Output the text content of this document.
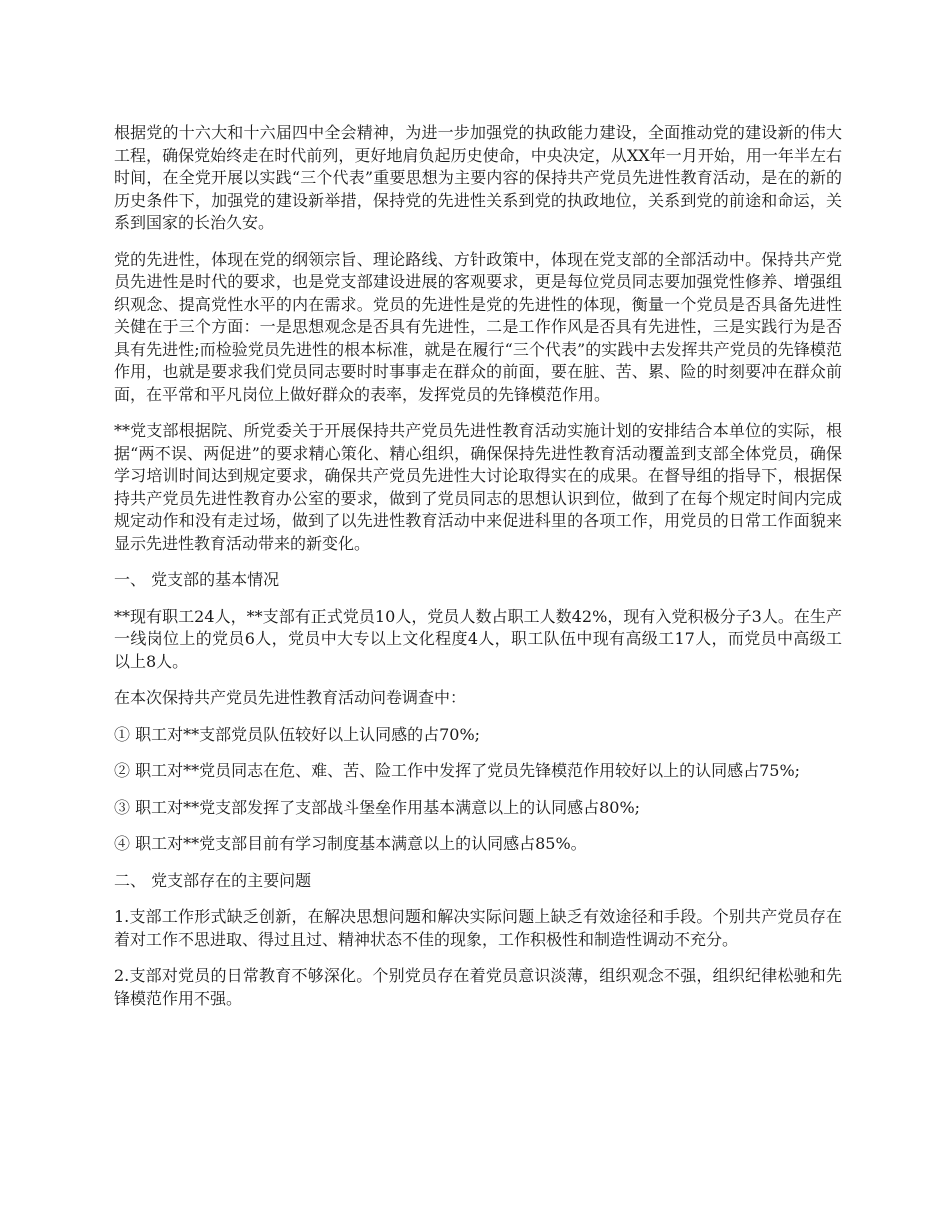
根据党的十六大和十六届四中全会精神，为进一步加强党的执政能力建设，全面推动党的建设新的伟大工程，确保党始终走在时代前列，更好地肩负起历史使命，中央决定，从XX年一月开始，用一年半左右时间，在全党开展以实践“三个代表”重要思想为主要内容的保持共产党员先进性教育活动，是在的新的历史条件下，加强党的建设新举措，保持党的先进性关系到党的执政地位，关系到党的前途和命运，关系到国家的长治久安。

党的先进性，体现在党的纲领宗旨、理论路线、方针政策中，体现在党支部的全部活动中。保持共产党员先进性是时代的要求，也是党支部建设进展的客观要求，更是每位党员同志要加强党性修养、增强组织观念、提高党性水平的内在需求。党员的先进性是党的先进性的体现，衡量一个党员是否具备先进性关健在于三个方面：一是思想观念是否具有先进性，二是工作作风是否具有先进性，三是实践行为是否具有先进性;而检验党员先进性的根本标准，就是在履行“三个代表”的实践中去发挥共产党员的先锋模范作用，也就是要求我们党员同志要时时事事走在群众的前面，要在脏、苦、累、险的时刻要冲在群众前面，在平常和平凡岗位上做好群众的表率，发挥党员的先锋模范作用。

**党支部根据院、所党委关于开展保持共产党员先进性教育活动实施计划的安排结合本单位的实际，根据“两不误、两促进”的要求精心策化、精心组织，确保保持先进性教育活动覆盖到支部全体党员，确保学习培训时间达到规定要求，确保共产党员先进性大讨论取得实在的成果。在督导组的指导下，根据保持共产党员先进性教育办公室的要求，做到了党员同志的思想认识到位，做到了在每个规定时间内完成规定动作和没有走过场，做到了以先进性教育活动中来促进科里的各项工作，用党员的日常工作面貌来显示先进性教育活动带来的新变化。

一、 党支部的基本情况

**现有职工24人，**支部有正式党员10人，党员人数占职工人数42%，现有入党积极分子3人。在生产一线岗位上的党员6人，党员中大专以上文化程度4人，职工队伍中现有高级工17人，而党员中高级工以上8人。

在本次保持共产党员先进性教育活动问卷调查中：

① 职工对**支部党员队伍较好以上认同感的占70%;

② 职工对**党员同志在危、难、苦、险工作中发挥了党员先锋模范作用较好以上的认同感占75%;

③ 职工对**党支部发挥了支部战斗堡垒作用基本满意以上的认同感占80%;

④ 职工对**党支部目前有学习制度基本满意以上的认同感占85%。

二、 党支部存在的主要问题

1.支部工作形式缺乏创新，在解决思想问题和解决实际问题上缺乏有效途径和手段。个别共产党员存在着对工作不思进取、得过且过、精神状态不佳的现象，工作积极性和制造性调动不充分。

2.支部对党员的日常教育不够深化。个别党员存在着党员意识淡薄，组织观念不强，组织纪律松驰和先锋模范作用不强。
